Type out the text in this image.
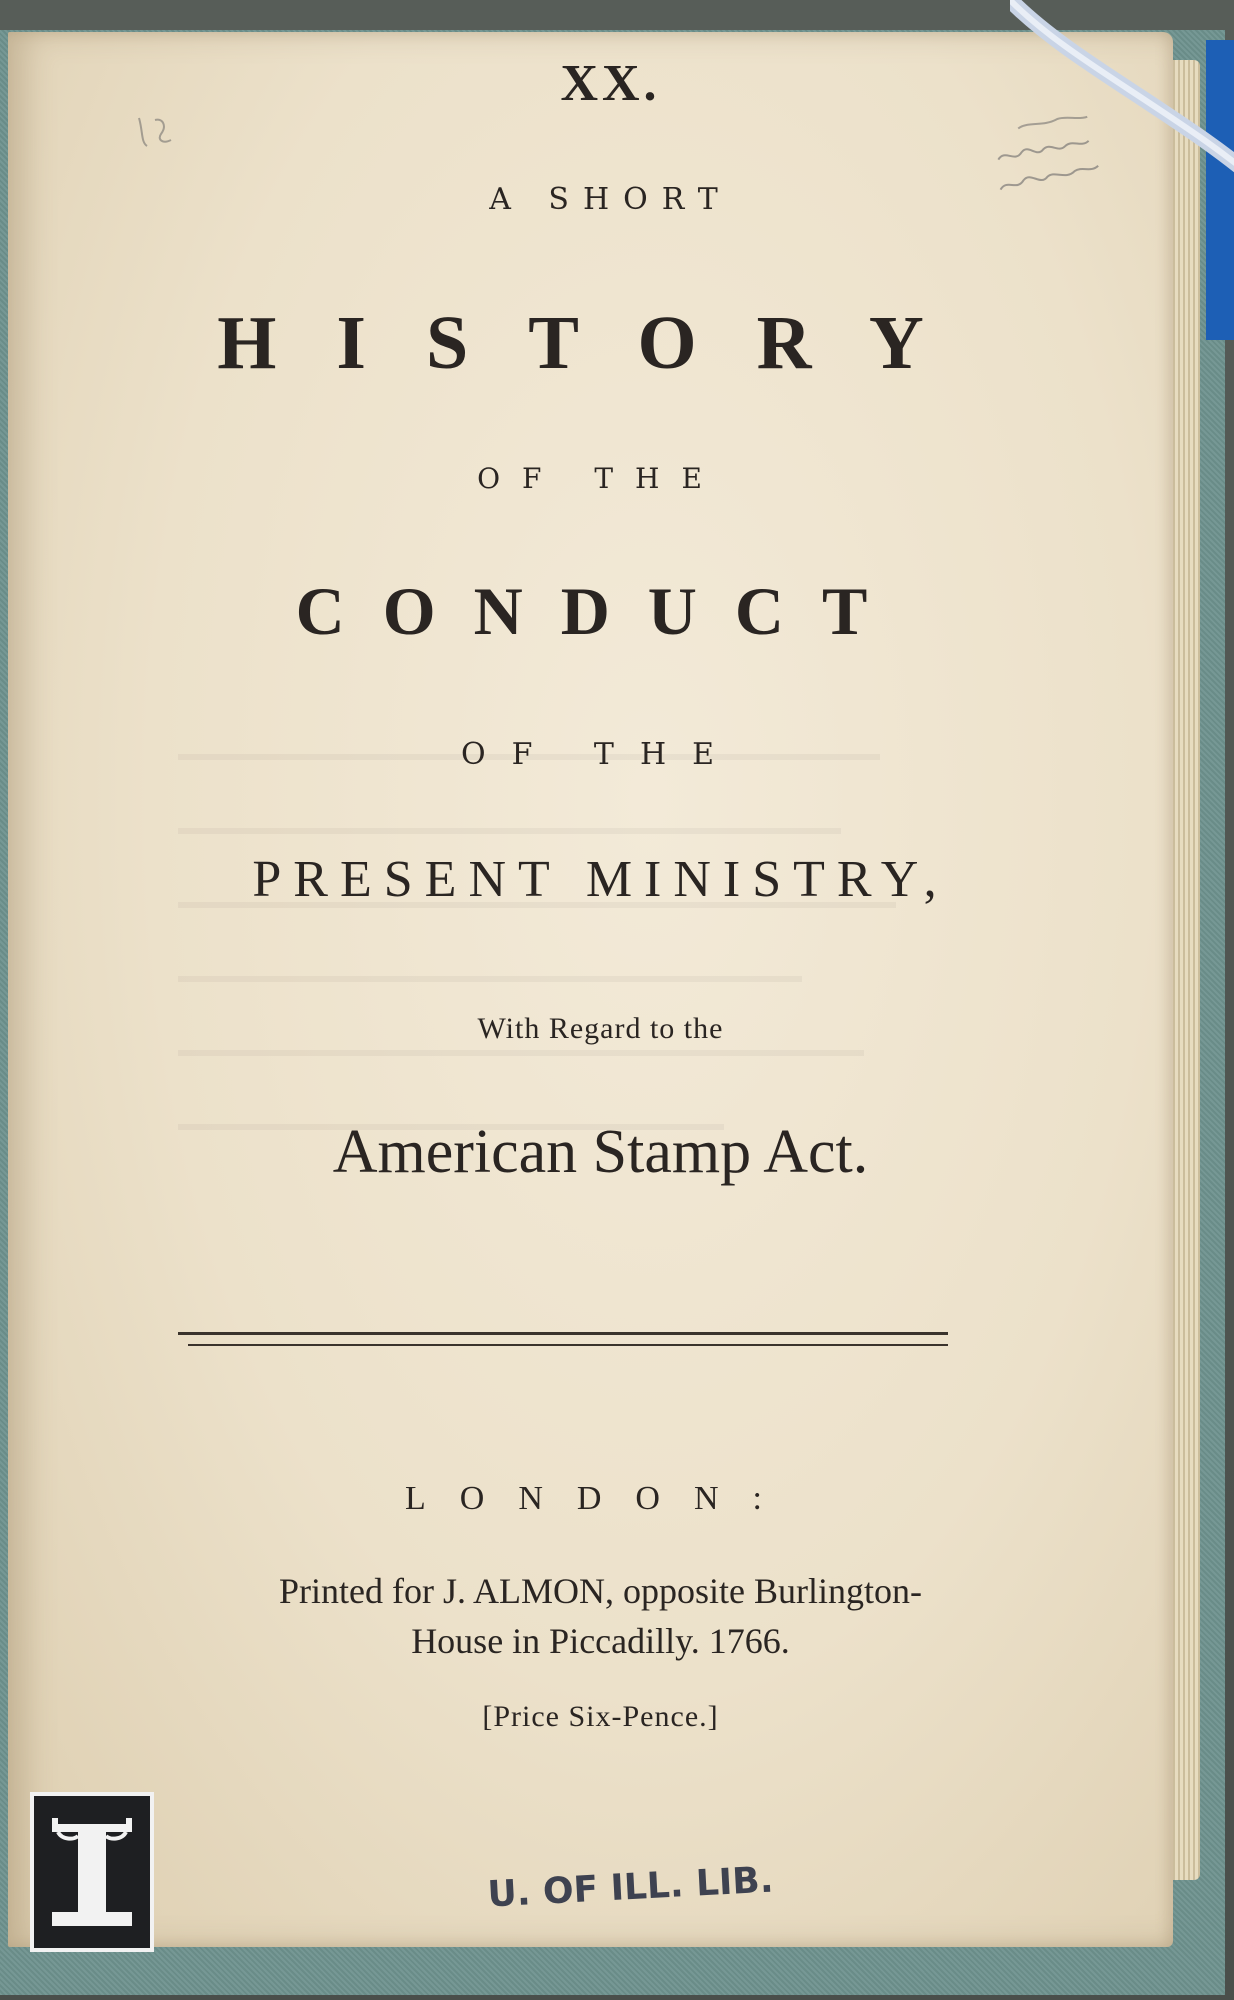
XX.
A SHORT
HISTORY
OF THE
CONDUCT
OF THE
PRESENT MINISTRY,
With Regard to the
American Stamp Act.
LONDON:
Printed for J. ALMON, opposite Burlington-
House in Piccadilly. 1766.
[Price Six-Pence.]
U. OF ILL. LIB.
